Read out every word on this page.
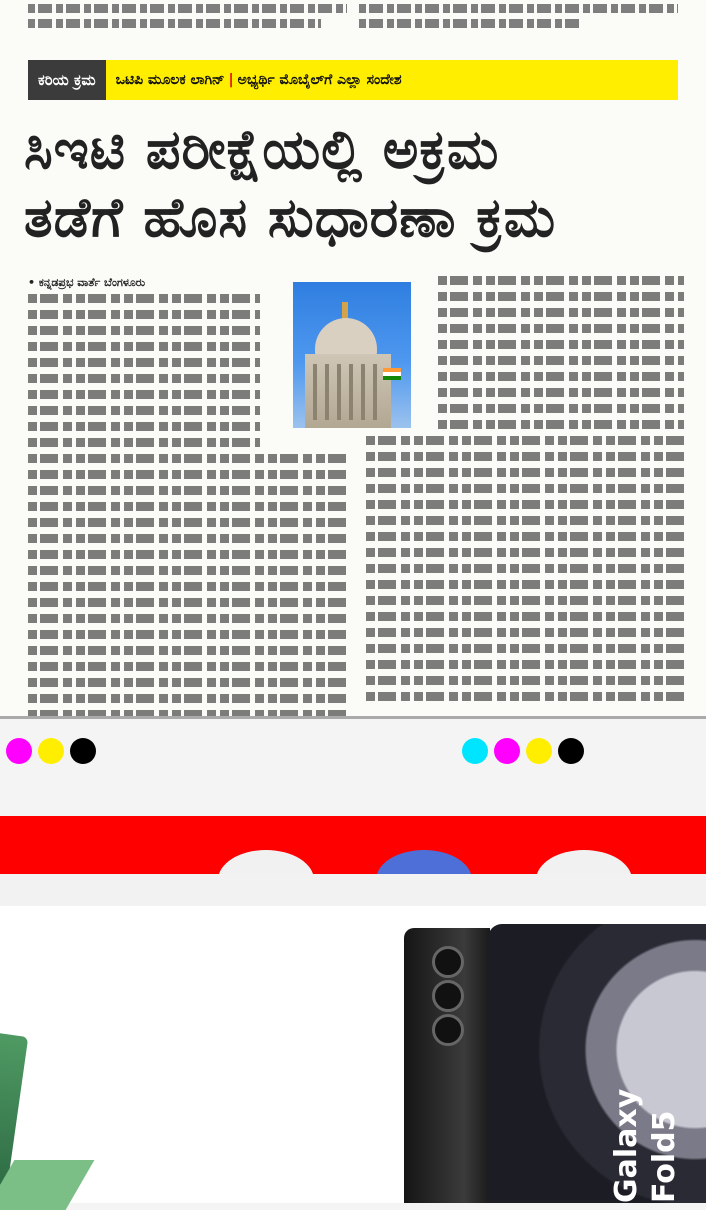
ಕರಿಯ ಕ್ರಮ	ಒಟಿಪಿ ಮೂಲಕ ಲಾಗಿನ್ | ಅಭ್ಯರ್ಥಿ ಮೊಬೈಲ್‌ಗೆ ಎಲ್ಲಾ ಸಂದೇಶ
ಸಿಇಟಿ ಪರೀಕ್ಷೆಯಲ್ಲಿ ಅಕ್ರಮ
ತಡೆಗೆ ಹೊಸ ಸುಧಾರಣಾ ಕ್ರಮ
• ಕನ್ನಡಪ್ರಭ ವಾರ್ತೆ ಬೆಂಗಳೂರು
Galaxy Fold5
